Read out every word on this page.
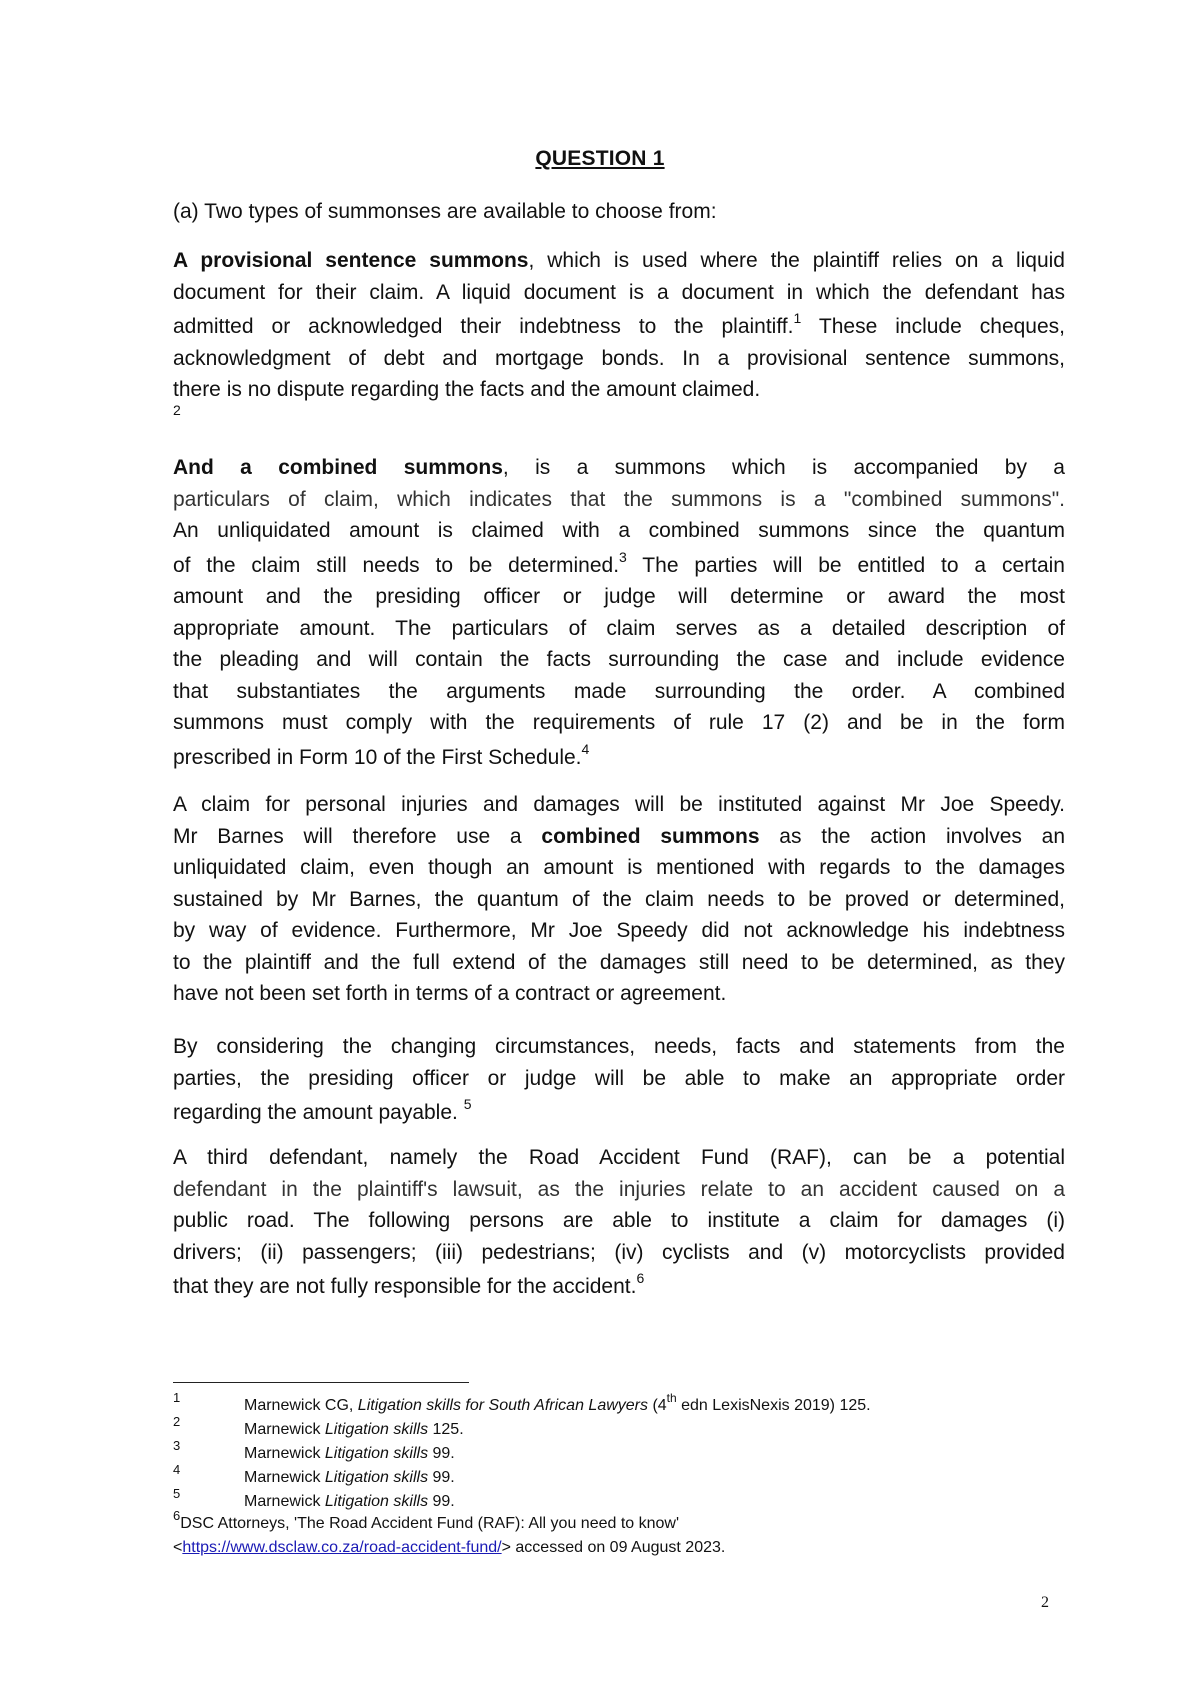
QUESTION 1
(a) Two types of summonses are available to choose from:
A provisional sentence summons, which is used where the plaintiff relies on a liquid
document for their claim. A liquid document is a document in which the defendant has
admitted or acknowledged their indebtness to the plaintiff.$^1$ These include cheques,
acknowledgment of debt and mortgage bonds. In a provisional sentence summons,
there is no dispute regarding the facts and the amount claimed.
2
And a combined summons, is a summons which is accompanied by a
particulars of claim, which indicates that the summons is a "combined summons".
An unliquidated amount is claimed with a combined summons since the quantum
of the claim still needs to be determined.$^3$ The parties will be entitled to a certain
amount and the presiding officer or judge will determine or award the most
appropriate amount. The particulars of claim serves as a detailed description of
the pleading and will contain the facts surrounding the case and include evidence
that substantiates the arguments made surrounding the order. A combined
summons must comply with the requirements of rule 17 (2) and be in the form
prescribed in Form 10 of the First Schedule.$^4$
A claim for personal injuries and damages will be instituted against Mr Joe Speedy.
Mr Barnes will therefore use a combined summons as the action involves an
unliquidated claim, even though an amount is mentioned with regards to the damages
sustained by Mr Barnes, the quantum of the claim needs to be proved or determined,
by way of evidence. Furthermore, Mr Joe Speedy did not acknowledge his indebtness
to the plaintiff and the full extend of the damages still need to be determined, as they
have not been set forth in terms of a contract or agreement.
By considering the changing circumstances, needs, facts and statements from the
parties, the presiding officer or judge will be able to make an appropriate order
regarding the amount payable. $^5$
A third defendant, namely the Road Accident Fund (RAF), can be a potential
defendant in the plaintiff's lawsuit, as the injuries relate to an accident caused on a
public road. The following persons are able to institute a claim for damages (i)
drivers; (ii) passengers; (iii) pedestrians; (iv) cyclists and (v) motorcyclists provided
that they are not fully responsible for the accident.$^6$
1	Marnewick CG, Litigation skills for South African Lawyers (4th edn LexisNexis 2019) 125.
2	Marnewick Litigation skills 125.
3	Marnewick Litigation skills 99.
4	Marnewick Litigation skills 99.
5	Marnewick Litigation skills 99.
$^6$DSC Attorneys, 'The Road Accident Fund (RAF): All you need to know'
<https://www.dsclaw.co.za/road-accident-fund/> accessed on 09 August 2023.
2
